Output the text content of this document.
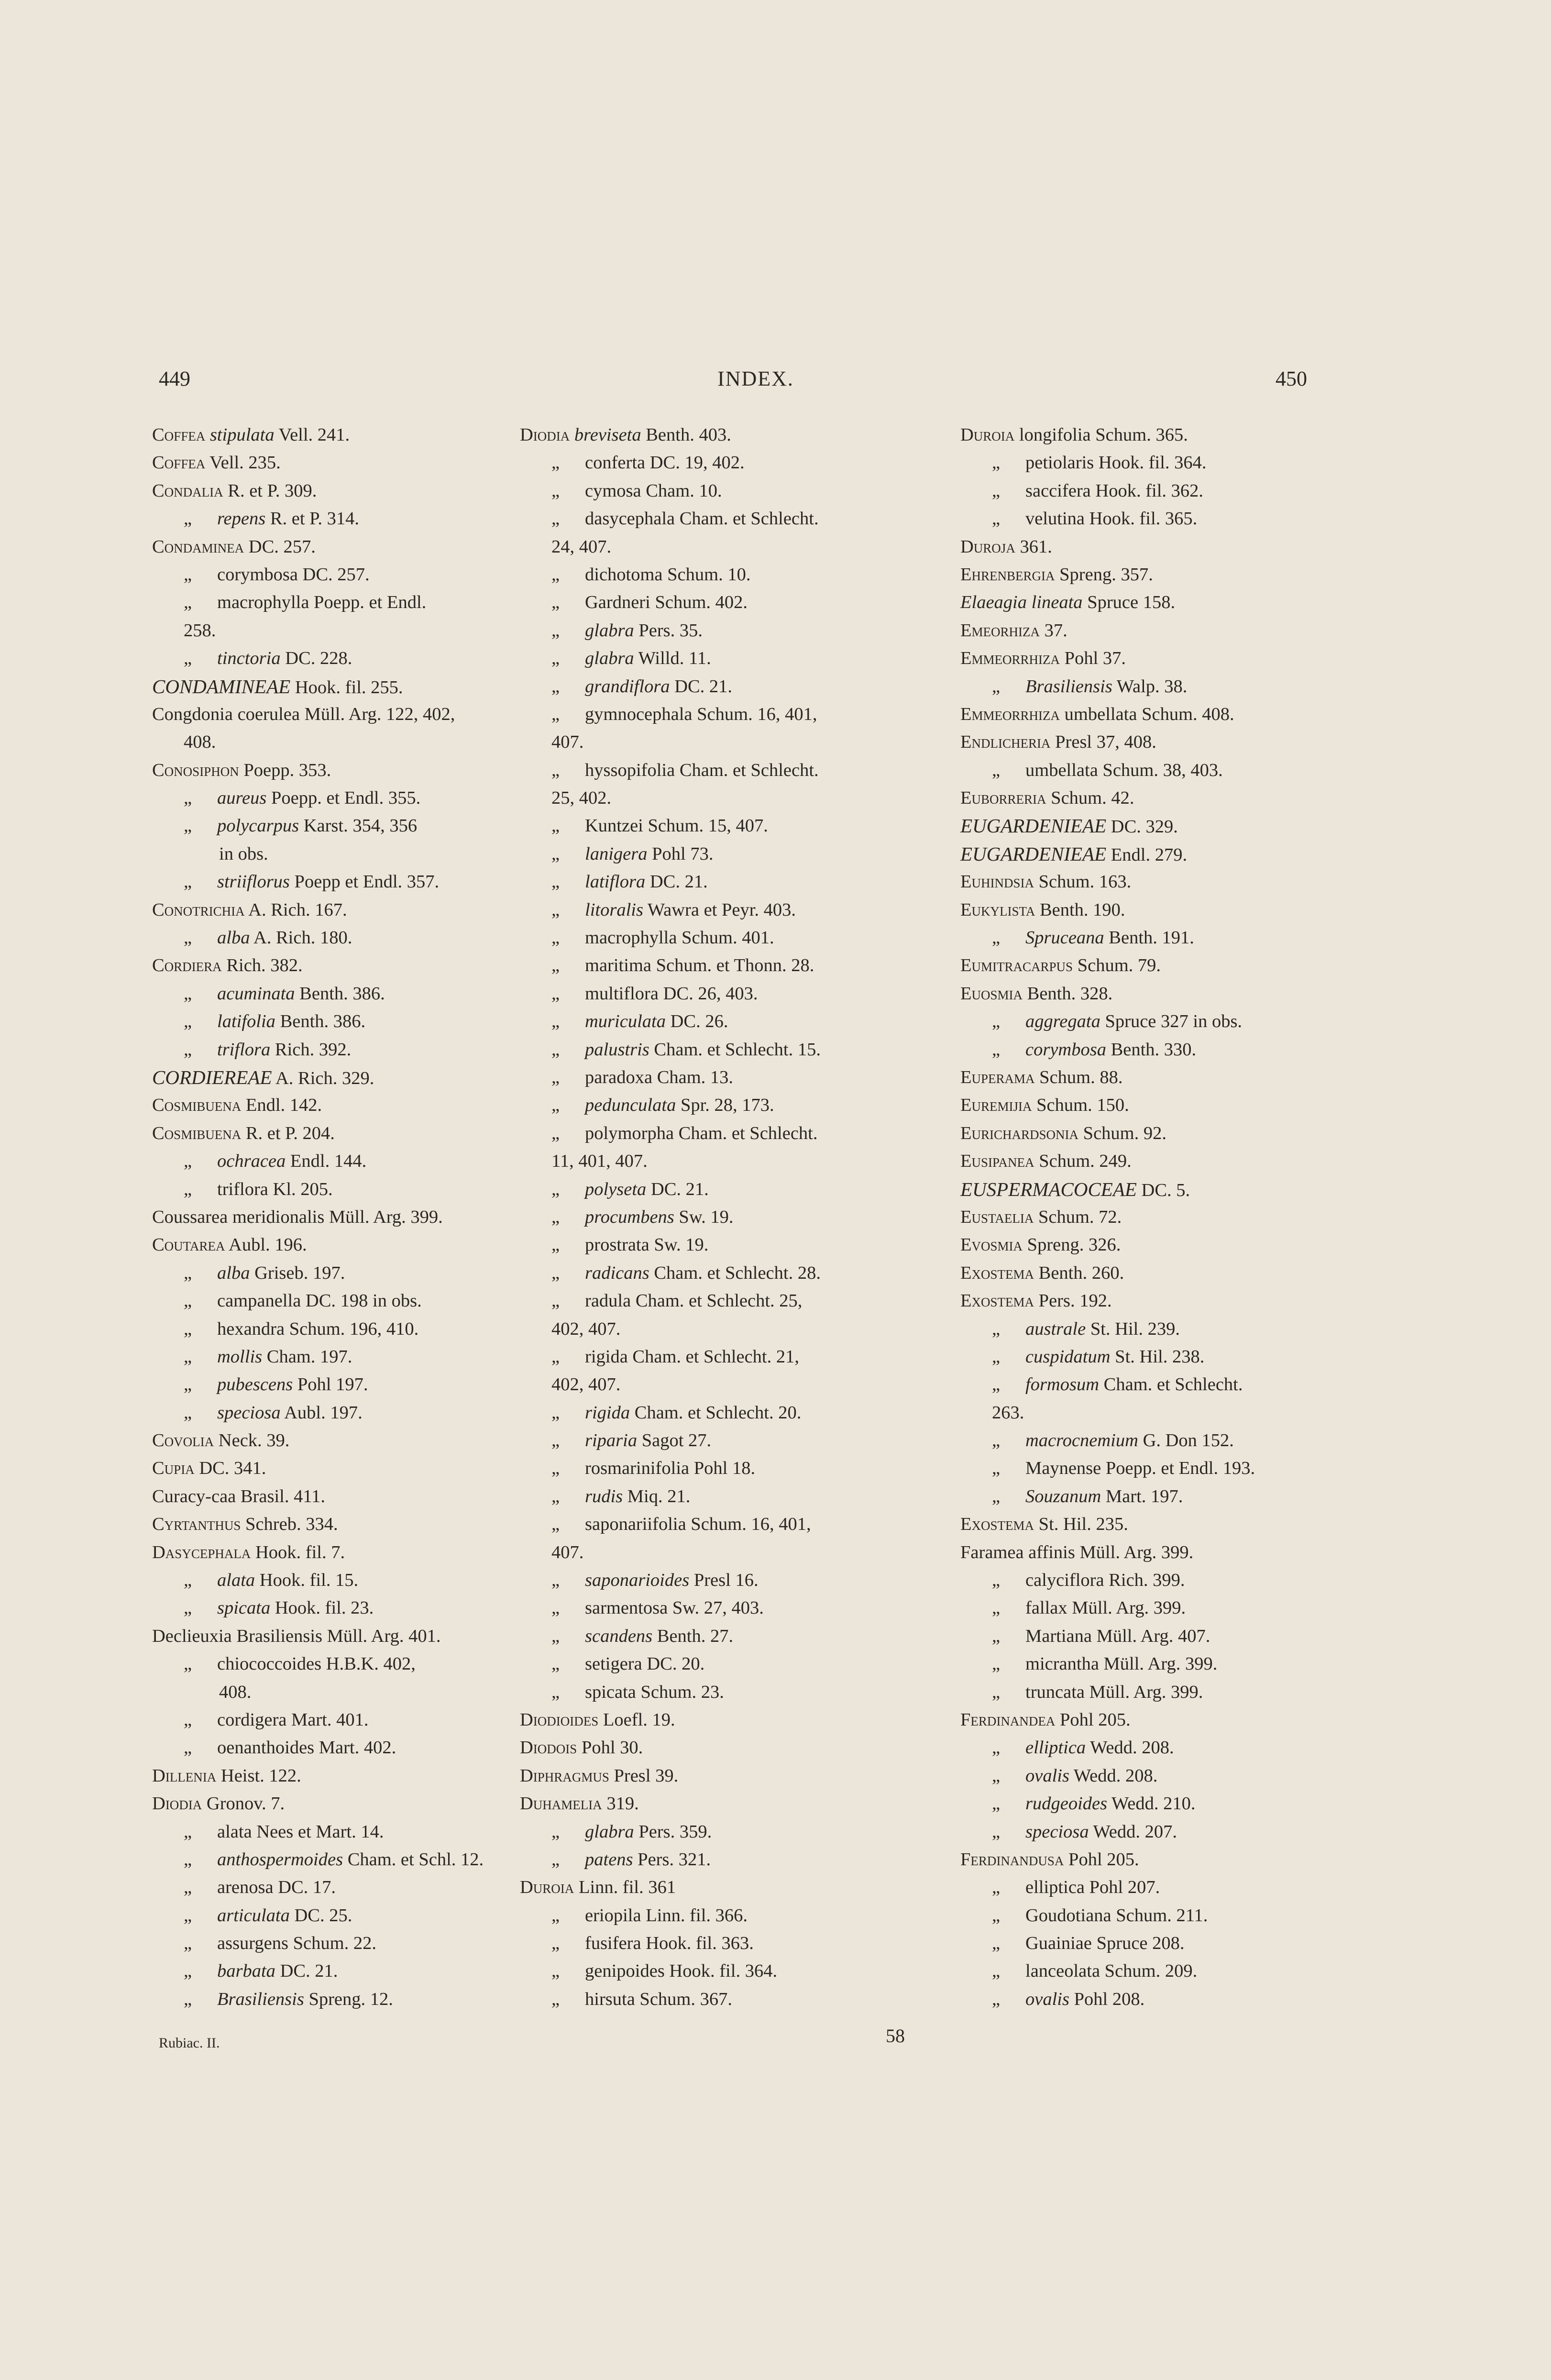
449	INDEX.	450
Coffea stipulata Vell. 241.
Coffea Vell. 235.
Condalia R. et P. 309.
„ repens R. et P. 314.
Condaminea DC. 257.
„ corymbosa DC. 257.
„ macrophylla Poepp. et Endl.
258.
„ tinctoria DC. 228.
CONDAMINEAE Hook. fil. 255.
Congdonia coerulea Müll. Arg. 122, 402,
408.
Conosiphon Poepp. 353.
„ aureus Poepp. et Endl. 355.
„ polycarpus Karst. 354, 356
in obs.
„ striiflorus Poepp et Endl. 357.
Conotrichia A. Rich. 167.
„ alba A. Rich. 180.
Cordiera Rich. 382.
„ acuminata Benth. 386.
„ latifolia Benth. 386.
„ triflora Rich. 392.
CORDIEREAE A. Rich. 329.
Cosmibuena Endl. 142.
Cosmibuena R. et P. 204.
„ ochracea Endl. 144.
„ triflora Kl. 205.
Coussarea meridionalis Müll. Arg. 399.
Coutarea Aubl. 196.
„ alba Griseb. 197.
„ campanella DC. 198 in obs.
„ hexandra Schum. 196, 410.
„ mollis Cham. 197.
„ pubescens Pohl 197.
„ speciosa Aubl. 197.
Covolia Neck. 39.
Cupia DC. 341.
Curacy-caa Brasil. 411.
Cyrtanthus Schreb. 334.
Dasycephala Hook. fil. 7.
„ alata Hook. fil. 15.
„ spicata Hook. fil. 23.
Declieuxia Brasiliensis Müll. Arg. 401.
„ chiococcoides H.B.K. 402,
408.
„ cordigera Mart. 401.
„ oenanthoides Mart. 402.
Dillenia Heist. 122.
Diodia Gronov. 7.
„ alata Nees et Mart. 14.
„ anthospermoides Cham. et Schl. 12.
„ arenosa DC. 17.
„ articulata DC. 25.
„ assurgens Schum. 22.
„ barbata DC. 21.
„ Brasiliensis Spreng. 12.
Diodia breviseta Benth. 403.
„ conferta DC. 19, 402.
„ cymosa Cham. 10.
„ dasycephala Cham. et Schlecht.
24, 407.
„ dichotoma Schum. 10.
„ Gardneri Schum. 402.
„ glabra Pers. 35.
„ glabra Willd. 11.
„ grandiflora DC. 21.
„ gymnocephala Schum. 16, 401,
407.
„ hyssopifolia Cham. et Schlecht.
25, 402.
„ Kuntzei Schum. 15, 407.
„ lanigera Pohl 73.
„ latiflora DC. 21.
„ litoralis Wawra et Peyr. 403.
„ macrophylla Schum. 401.
„ maritima Schum. et Thonn. 28.
„ multiflora DC. 26, 403.
„ muriculata DC. 26.
„ palustris Cham. et Schlecht. 15.
„ paradoxa Cham. 13.
„ pedunculata Spr. 28, 173.
„ polymorpha Cham. et Schlecht.
11, 401, 407.
„ polyseta DC. 21.
„ procumbens Sw. 19.
„ prostrata Sw. 19.
„ radicans Cham. et Schlecht. 28.
„ radula Cham. et Schlecht. 25,
402, 407.
„ rigida Cham. et Schlecht. 21,
402, 407.
„ rigida Cham. et Schlecht. 20.
„ riparia Sagot 27.
„ rosmarinifolia Pohl 18.
„ rudis Miq. 21.
„ saponariifolia Schum. 16, 401,
407.
„ saponarioides Presl 16.
„ sarmentosa Sw. 27, 403.
„ scandens Benth. 27.
„ setigera DC. 20.
„ spicata Schum. 23.
Diodioides Loefl. 19.
Diodois Pohl 30.
Diphragmus Presl 39.
Duhamelia 319.
„ glabra Pers. 359.
„ patens Pers. 321.
Duroia Linn. fil. 361
„ eriopila Linn. fil. 366.
„ fusifera Hook. fil. 363.
„ genipoides Hook. fil. 364.
„ hirsuta Schum. 367.
Duroia longifolia Schum. 365.
„ petiolaris Hook. fil. 364.
„ saccifera Hook. fil. 362.
„ velutina Hook. fil. 365.
Duroja 361.
Ehrenbergia Spreng. 357.
Elaeagia lineata Spruce 158.
Emeorhiza 37.
Emmeorrhiza Pohl 37.
„ Brasiliensis Walp. 38.
Emmeorrhiza umbellata Schum. 408.
Endlicheria Presl 37, 408.
„ umbellata Schum. 38, 403.
Euborreria Schum. 42.
EUGARDENIEAE DC. 329.
EUGARDENIEAE Endl. 279.
Euhindsia Schum. 163.
Eukylista Benth. 190.
„ Spruceana Benth. 191.
Eumitracarpus Schum. 79.
Euosmia Benth. 328.
„ aggregata Spruce 327 in obs.
„ corymbosa Benth. 330.
Euperama Schum. 88.
Euremijia Schum. 150.
Eurichardsonia Schum. 92.
Eusipanea Schum. 249.
EUSPERMACOCEAE DC. 5.
Eustaelia Schum. 72.
Evosmia Spreng. 326.
Exostema Benth. 260.
Exostema Pers. 192.
„ australe St. Hil. 239.
„ cuspidatum St. Hil. 238.
„ formosum Cham. et Schlecht.
263.
„ macrocnemium G. Don 152.
„ Maynense Poepp. et Endl. 193.
„ Souzanum Mart. 197.
Exostema St. Hil. 235.
Faramea affinis Müll. Arg. 399.
„ calyciflora Rich. 399.
„ fallax Müll. Arg. 399.
„ Martiana Müll. Arg. 407.
„ micrantha Müll. Arg. 399.
„ truncata Müll. Arg. 399.
Ferdinandea Pohl 205.
„ elliptica Wedd. 208.
„ ovalis Wedd. 208.
„ rudgeoides Wedd. 210.
„ speciosa Wedd. 207.
Ferdinandusa Pohl 205.
„ elliptica Pohl 207.
„ Goudotiana Schum. 211.
„ Guainiae Spruce 208.
„ lanceolata Schum. 209.
„ ovalis Pohl 208.
Rubiac. II.	58
